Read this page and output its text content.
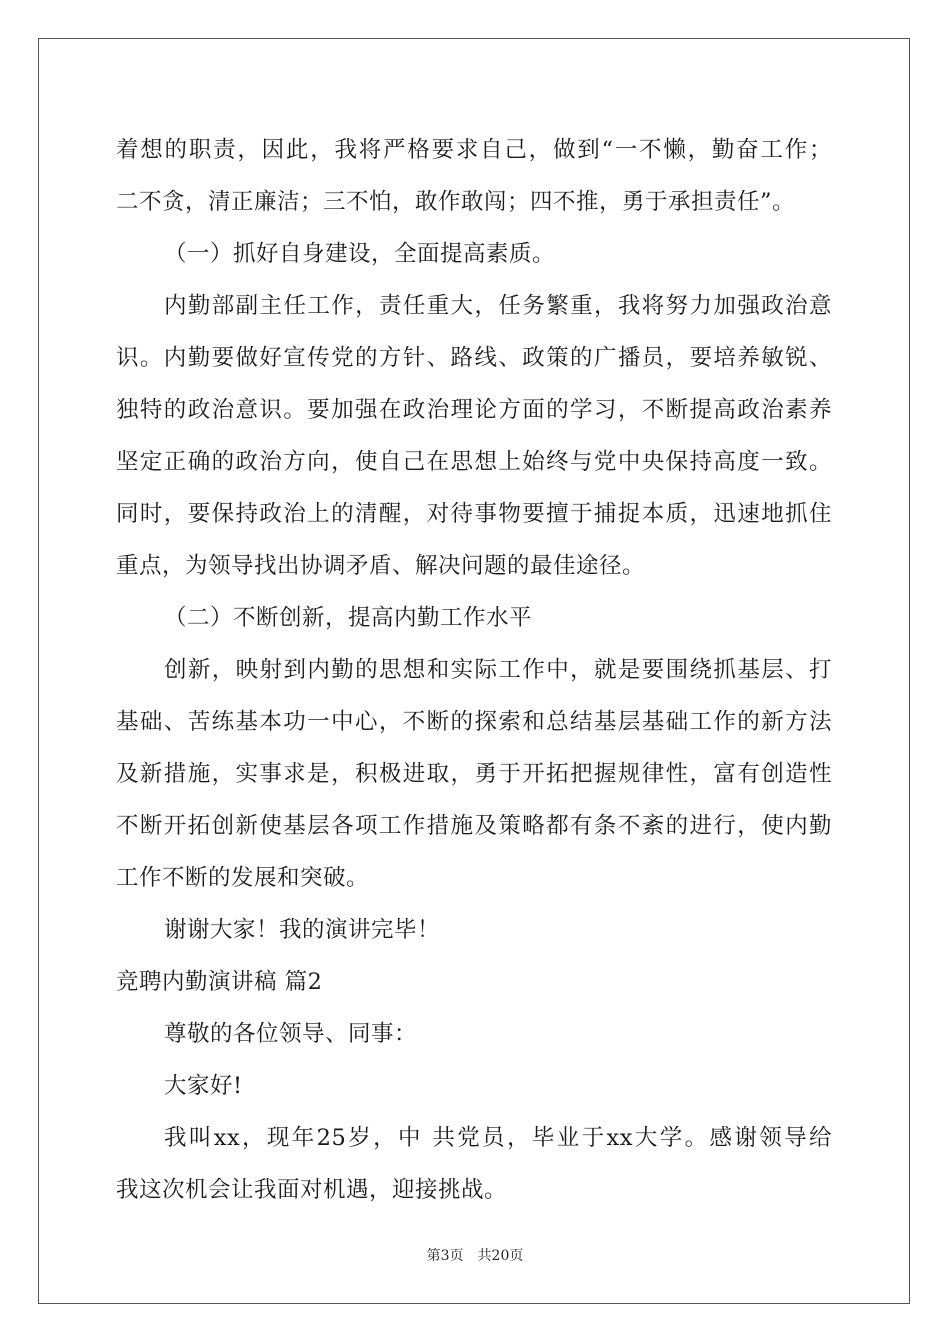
着想的职责，因此，我将严格要求自己，做到“一不懒，勤奋工作；
二不贪，清正廉洁；三不怕，敢作敢闯；四不推，勇于承担责任”。
（一）抓好自身建设，全面提高素质。
内勤部副主任工作，责任重大，任务繁重，我将努力加强政治意
识。内勤要做好宣传党的方针、路线、政策的广播员，要培养敏锐、
独特的政治意识。要加强在政治理论方面的学习，不断提高政治素养
坚定正确的政治方向，使自己在思想上始终与党中央保持高度一致。
同时，要保持政治上的清醒，对待事物要擅于捕捉本质，迅速地抓住
重点，为领导找出协调矛盾、解决问题的最佳途径。
（二）不断创新，提高内勤工作水平
创新，映射到内勤的思想和实际工作中，就是要围绕抓基层、打
基础、苦练基本功一中心，不断的探索和总结基层基础工作的新方法
及新措施，实事求是，积极进取，勇于开拓把握规律性，富有创造性
不断开拓创新使基层各项工作措施及策略都有条不紊的进行，使内勤
工作不断的发展和突破。
谢谢大家！我的演讲完毕！
竞聘内勤演讲稿 篇2
尊敬的各位领导、同事：
大家好!
我叫xx，现年25岁，中 共党员，毕业于xx大学。感谢领导给
我这次机会让我面对机遇，迎接挑战。
第3页 共20页
